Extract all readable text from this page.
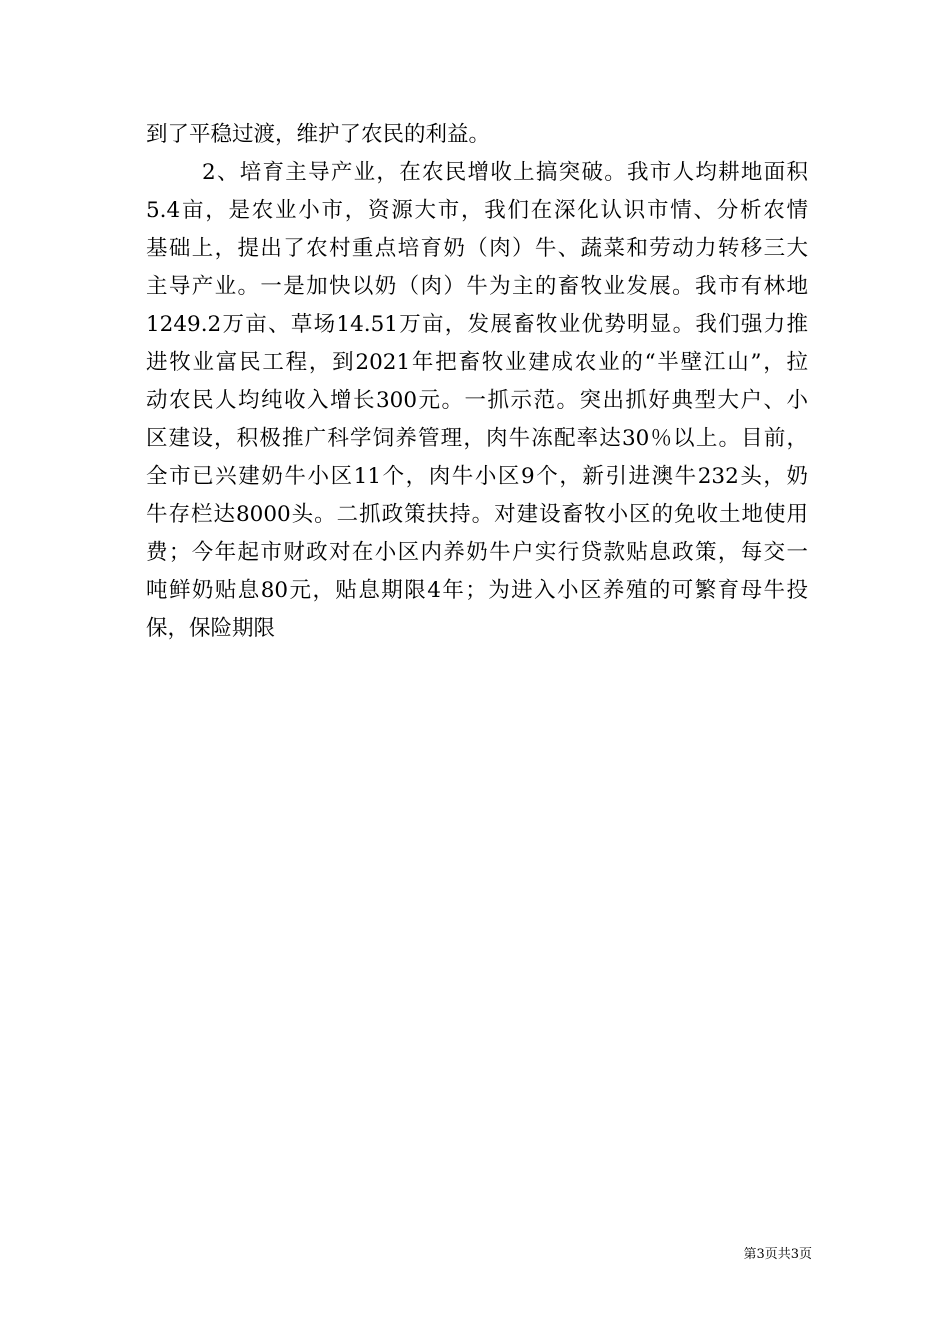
到了平稳过渡，维护了农民的利益。
2、培育主导产业，在农民增收上搞突破。我市人均耕地面积
5.4亩，是农业小市，资源大市，我们在深化认识市情、分析农情
基础上，提出了农村重点培育奶（肉）牛、蔬菜和劳动力转移三大
主导产业。一是加快以奶（肉）牛为主的畜牧业发展。我市有林地
1249.2万亩、草场14.51万亩，发展畜牧业优势明显。我们强力推
进牧业富民工程，到2021年把畜牧业建成农业的“半壁江山”，拉
动农民人均纯收入增长300元。一抓示范。突出抓好典型大户、小
区建设，积极推广科学饲养管理，肉牛冻配率达30％以上。目前，
全市已兴建奶牛小区11个，肉牛小区9个，新引进澳牛232头，奶
牛存栏达8000头。二抓政策扶持。对建设畜牧小区的免收土地使用
费；今年起市财政对在小区内养奶牛户实行贷款贴息政策，每交一
吨鲜奶贴息80元，贴息期限4年；为进入小区养殖的可繁育母牛投
保，保险期限
第3页共3页
